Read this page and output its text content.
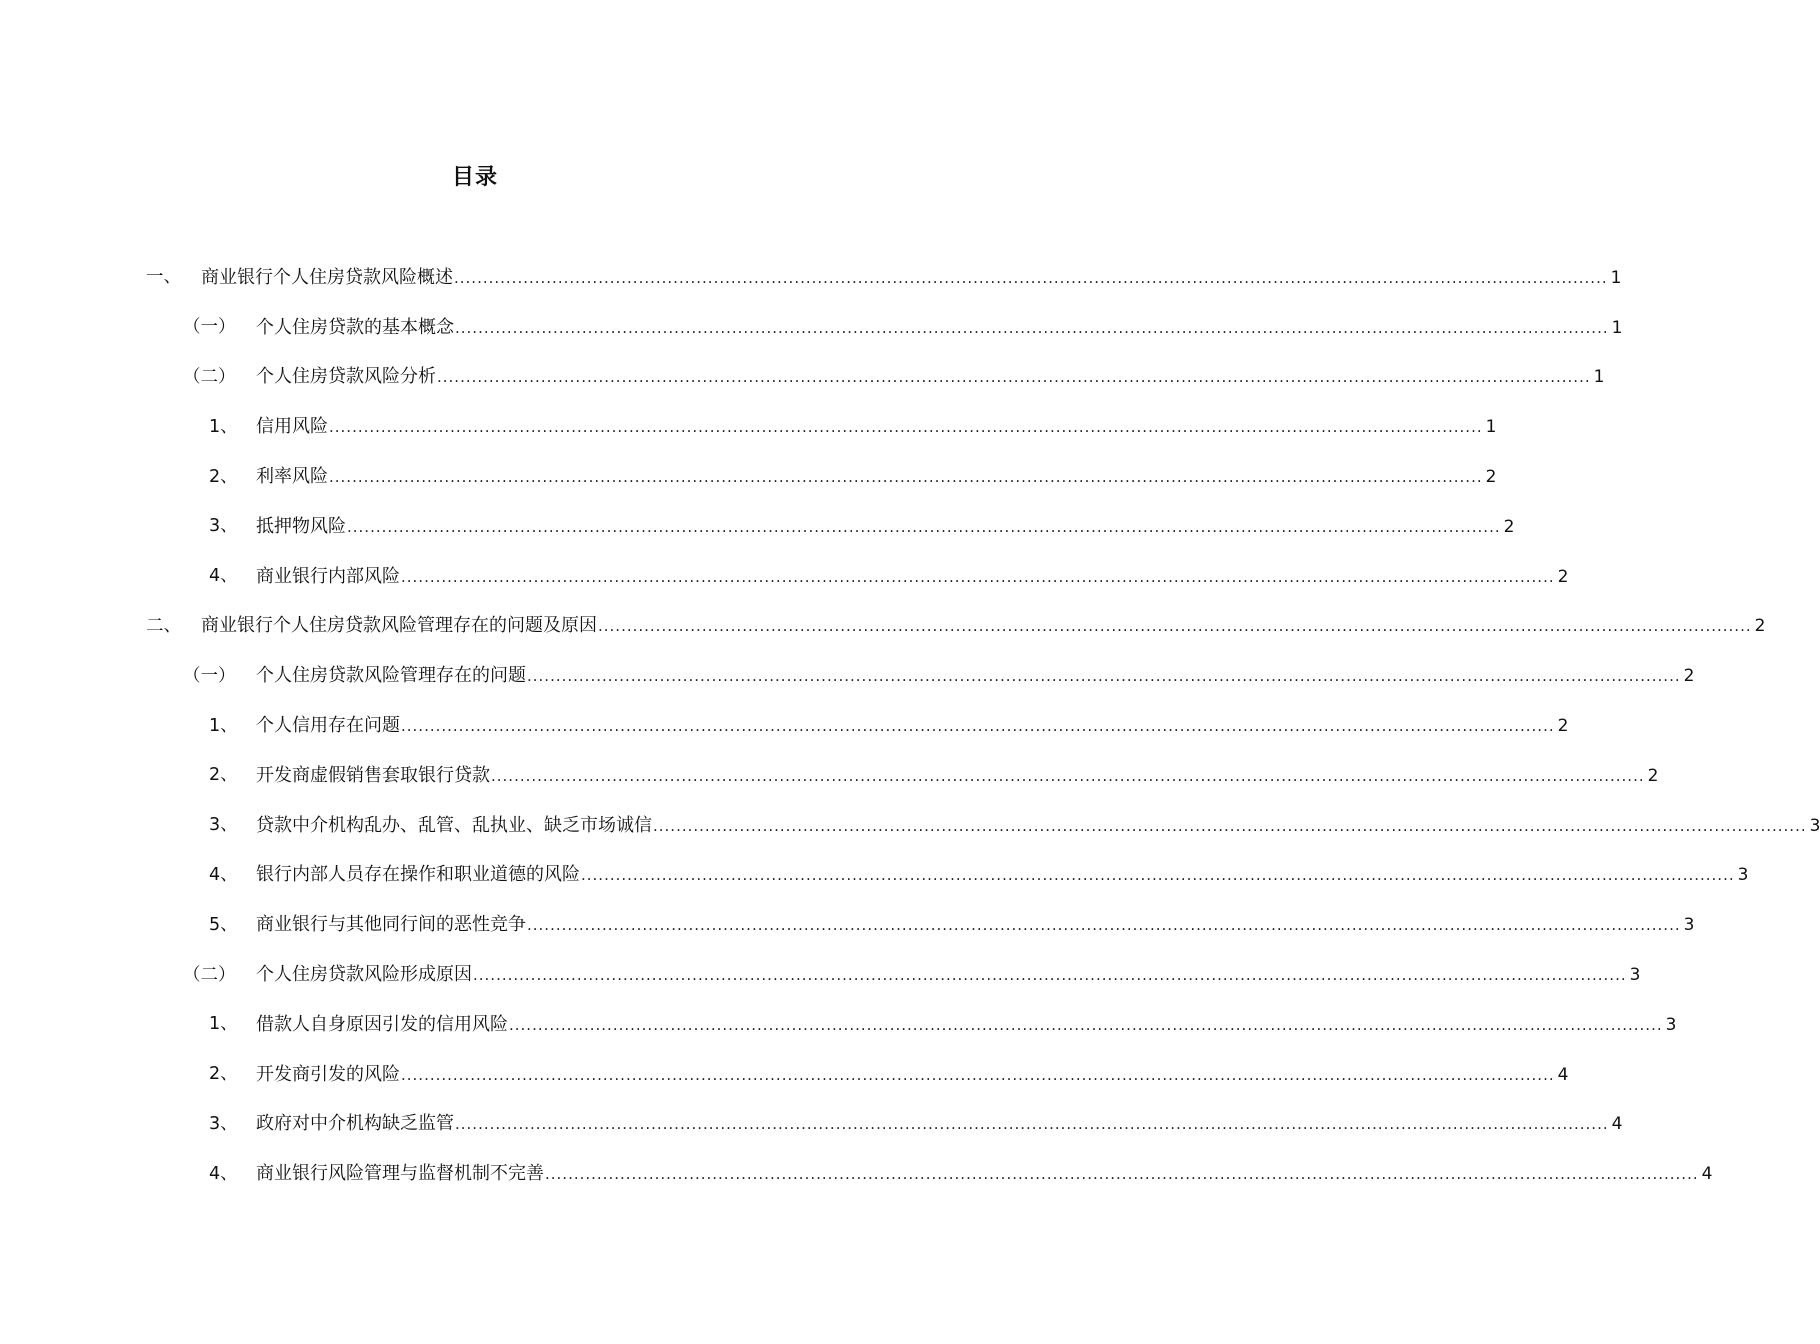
目录
一、 商业银行个人住房贷款风险概述 ........................................................................................................................................................................................................ 1
（一） 个人住房贷款的基本概念 ........................................................................................................................................................................................................ 1
（二） 个人住房贷款风险分析 ........................................................................................................................................................................................................ 1
1、 信用风险 ........................................................................................................................................................................................................ 1
2、 利率风险 ........................................................................................................................................................................................................ 2
3、 抵押物风险 ........................................................................................................................................................................................................ 2
4、 商业银行内部风险 ........................................................................................................................................................................................................ 2
二、 商业银行个人住房贷款风险管理存在的问题及原因 ........................................................................................................................................................................................................ 2
（一） 个人住房贷款风险管理存在的问题 ........................................................................................................................................................................................................ 2
1、 个人信用存在问题 ........................................................................................................................................................................................................ 2
2、 开发商虚假销售套取银行贷款 ........................................................................................................................................................................................................ 2
3、 贷款中介机构乱办、乱管、乱执业、缺乏市场诚信 ........................................................................................................................................................................................................ 3
4、 银行内部人员存在操作和职业道德的风险 ........................................................................................................................................................................................................ 3
5、 商业银行与其他同行间的恶性竞争 ........................................................................................................................................................................................................ 3
（二） 个人住房贷款风险形成原因 ........................................................................................................................................................................................................ 3
1、 借款人自身原因引发的信用风险 ........................................................................................................................................................................................................ 3
2、 开发商引发的风险 ........................................................................................................................................................................................................ 4
3、 政府对中介机构缺乏监管 ........................................................................................................................................................................................................ 4
4、 商业银行风险管理与监督机制不完善 ........................................................................................................................................................................................................ 4
